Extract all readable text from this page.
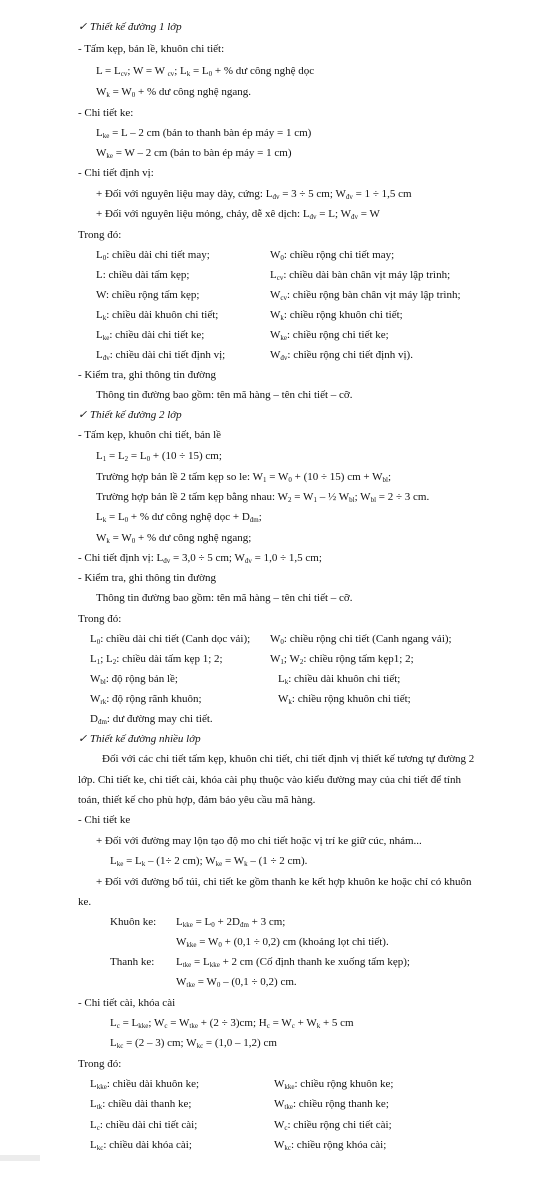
✓ Thiết kế đường 1 lớp
- Tấm kẹp, bản lề, khuôn chi tiết:
$L = L_{cv}$; W = W $_{cv}$; $L_k = L_0$ + % dư công nghệ dọc
$W_k = W_0$ + % dư công nghệ ngang.
- Chi tiết ke:
$L_{ke} = L - 2$ cm (bản to thanh bàn ép máy = 1 cm)
$W_{ke} = W - 2$ cm (bản to bàn ép máy = 1 cm)
- Chi tiết định vị:
+ Đối với nguyên liệu may dày, cứng: $L_{đv} = 3 \div 5$ cm; $W_{đv} = 1 \div 1,5$ cm
+ Đối với nguyên liệu mỏng, chảy, dễ xê dịch: $L_{đv} = L$; $W_{đv} = W$
Trong đó:
$L_0$: chiều dài chi tiết may;	$W_0$: chiều rộng chi tiết may;
L: chiều dài tấm kẹp;	$L_{cv}$: chiều dài bàn chân vịt máy lập trình;
W: chiều rộng tấm kẹp;	$W_{cv}$: chiều rộng bàn chân vịt máy lập trình;
$L_k$: chiều dài khuôn chi tiết;	$W_k$: chiều rộng khuôn chi tiết;
$L_{ke}$: chiều dài chi tiết ke;	$W_{ke}$: chiều rộng chi tiết ke;
$L_{đv}$: chiều dài chi tiết định vị;	$W_{đv}$: chiều rộng chi tiết định vị).
- Kiểm tra, ghi thông tin đường
Thông tin đường bao gồm: tên mã hàng – tên chi tiết – cỡ.
✓ Thiết kế đường 2 lớp
- Tấm kẹp, khuôn chi tiết, bản lề
$L_1 = L_2 = L_0 + (10 \div 15)$ cm;
Trường hợp bản lề 2 tấm kẹp so le: $W_1 = W_0 + (10 \div 15)$ cm + $W_{bl}$;
Trường hợp bản lề 2 tấm kẹp bằng nhau: $W_2 = W_1$ – ½ $W_{bl}$; $W_{bl} = 2 \div 3$ cm.
$L_k = L_0$ + % dư công nghệ dọc + $D_{đm}$;
$W_k = W_0$ + % dư công nghệ ngang;
- Chi tiết định vị: $L_{đv} = 3,0 \div 5$ cm; $W_{đv} = 1,0 \div 1,5$ cm;
- Kiểm tra, ghi thông tin đường
Thông tin đường bao gồm: tên mã hàng – tên chi tiết – cỡ.
Trong đó:
$L_0$: chiều dài chi tiết (Canh dọc vải); $W_0$: chiều rộng chi tiết (Canh ngang vải);
$L_1$; $L_2$: chiều dài tấm kẹp 1; 2;	$W_1$; $W_2$: chiều rộng tấm kẹp1; 2;
$W_{bl}$: độ rộng bản lề;	$L_k$: chiều dài khuôn chi tiết;
$W_{rk}$: độ rộng rãnh khuôn;	$W_k$: chiều rộng khuôn chi tiết;
$D_{đm}$: dư đường may chi tiết.
✓ Thiết kế đường nhiều lớp
Đối với các chi tiết tấm kẹp, khuôn chi tiết, chi tiết định vị thiết kế tương tự đường 2
lớp. Chi tiết ke, chi tiết cài, khóa cài phụ thuộc vào kiểu đường may của chi tiết để tính
toán, thiết kế cho phù hợp, đảm bảo yêu cầu mã hàng.
- Chi tiết ke
+ Đối với đường may lộn tạo độ mo chi tiết hoặc vị trí ke giữ cúc, nhám...
$L_{ke} = L_k - (1\div 2$ cm); $W_{ke} = W_k - (1 \div 2$ cm).
+ Đối với đường bổ túi, chi tiết ke gồm thanh ke kết hợp khuôn ke hoặc chỉ có khuôn
ke.
Khuôn ke: $L_{kke} = L_0 + 2D_{đm} + 3$ cm;
$W_{kke} = W_0 + (0,1 \div 0,2)$ cm (khoảng lọt chi tiết).
Thanh ke: $L_{tke} = L_{kke} + 2$ cm (Cố định thanh ke xuống tấm kẹp);
$W_{tke} = W_0 - (0,1 \div 0,2)$ cm.
- Chi tiết cài, khóa cài
$L_c = L_{kke}$; $W_c = W_{tke} + (2 \div 3)cm$; $H_c = W_c + W_k + 5$ cm
$L_{kc} = (2 - 3)$ cm; $W_{kc} = (1,0 - 1,2)$ cm
Trong đó:
$L_{kke}$: chiều dài khuôn ke;	$W_{kke}$: chiều rộng khuôn ke;
$L_{tk}$: chiều dài thanh ke;	$W_{tke}$: chiều rộng thanh ke;
$L_c$: chiều dài chi tiết cài;	$W_c$: chiều rộng chi tiết cài;
$L_{kc}$: chiều dài khóa cài;	$W_{kc}$: chiều rộng khóa cài;
